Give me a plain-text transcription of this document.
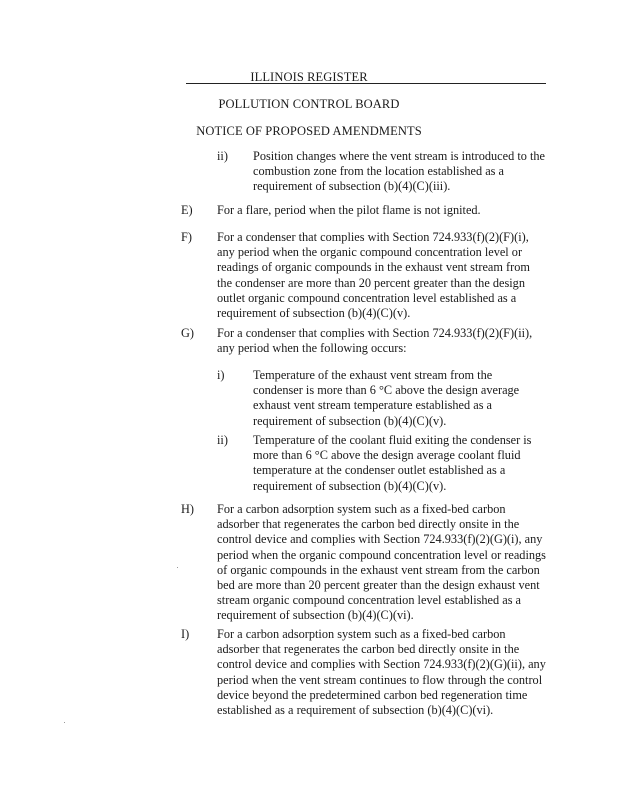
ILLINOIS REGISTER
POLLUTION CONTROL BOARD
NOTICE OF PROPOSED AMENDMENTS
ii) Position changes where the vent stream is introduced to the combustion zone from the location established as a requirement of subsection (b)(4)(C)(iii).
E) For a flare, period when the pilot flame is not ignited.
F) For a condenser that complies with Section 724.933(f)(2)(F)(i), any period when the organic compound concentration level or readings of organic compounds in the exhaust vent stream from the condenser are more than 20 percent greater than the design outlet organic compound concentration level established as a requirement of subsection (b)(4)(C)(v).
G) For a condenser that complies with Section 724.933(f)(2)(F)(ii), any period when the following occurs:
i) Temperature of the exhaust vent stream from the condenser is more than 6 °C above the design average exhaust vent stream temperature established as a requirement of subsection (b)(4)(C)(v).
ii) Temperature of the coolant fluid exiting the condenser is more than 6 °C above the design average coolant fluid temperature at the condenser outlet established as a requirement of subsection (b)(4)(C)(v).
H) For a carbon adsorption system such as a fixed-bed carbon adsorber that regenerates the carbon bed directly onsite in the control device and complies with Section 724.933(f)(2)(G)(i), any period when the organic compound concentration level or readings of organic compounds in the exhaust vent stream from the carbon bed are more than 20 percent greater than the design exhaust vent stream organic compound concentration level established as a requirement of subsection (b)(4)(C)(vi).
I) For a carbon adsorption system such as a fixed-bed carbon adsorber that regenerates the carbon bed directly onsite in the control device and complies with Section 724.933(f)(2)(G)(ii), any period when the vent stream continues to flow through the control device beyond the predetermined carbon bed regeneration time established as a requirement of subsection (b)(4)(C)(vi).
